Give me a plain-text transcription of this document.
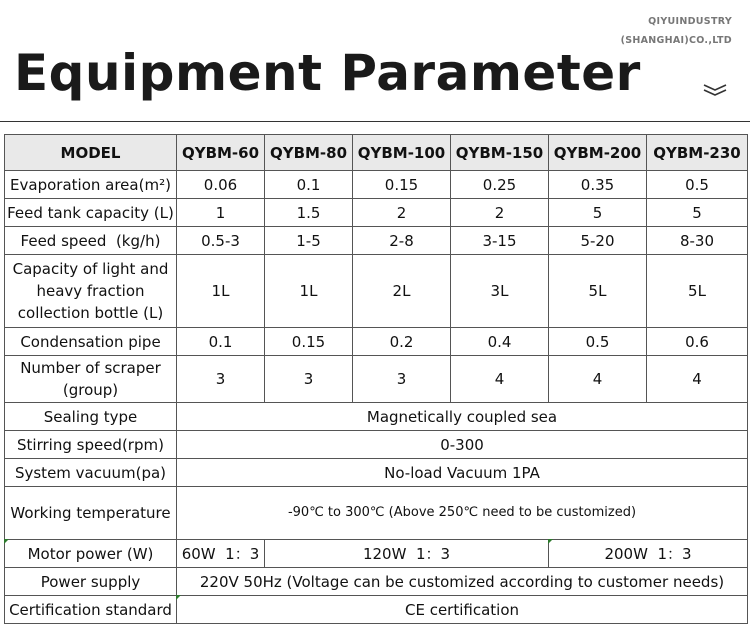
QIYUINDUSTRY
(SHANGHAI)CO.,LTD
Equipment Parameter
MODEL	QYBM-60	QYBM-80	QYBM-100	QYBM-150	QYBM-200	QYBM-230
Evaporation area(m²)	0.06	0.1	0.15	0.25	0.35	0.5
Feed tank capacity (L)	1	1.5	2	2	5	5
Feed speed  (kg/h)	0.5-3	1-5	2-8	3-15	5-20	8-30
Capacity of light and heavy fraction collection bottle (L)	1L	1L	2L	3L	5L	5L
Condensation pipe	0.1	0.15	0.2	0.4	0.5	0.6
Number of scraper (group)	3	3	3	4	4	4
Sealing type	Magnetically coupled sea					
Stirring speed(rpm)	0-300					
System vacuum(pa)	No-load Vacuum 1PA					
Working temperature	-90℃ to 300℃ (Above 250℃ need to be customized)					
Motor power (W)	60W  1：3	120W  1：3			200W  1：3	
Power supply	220V 50Hz (Voltage can be customized according to customer needs)					
Certification standard	CE certification					
